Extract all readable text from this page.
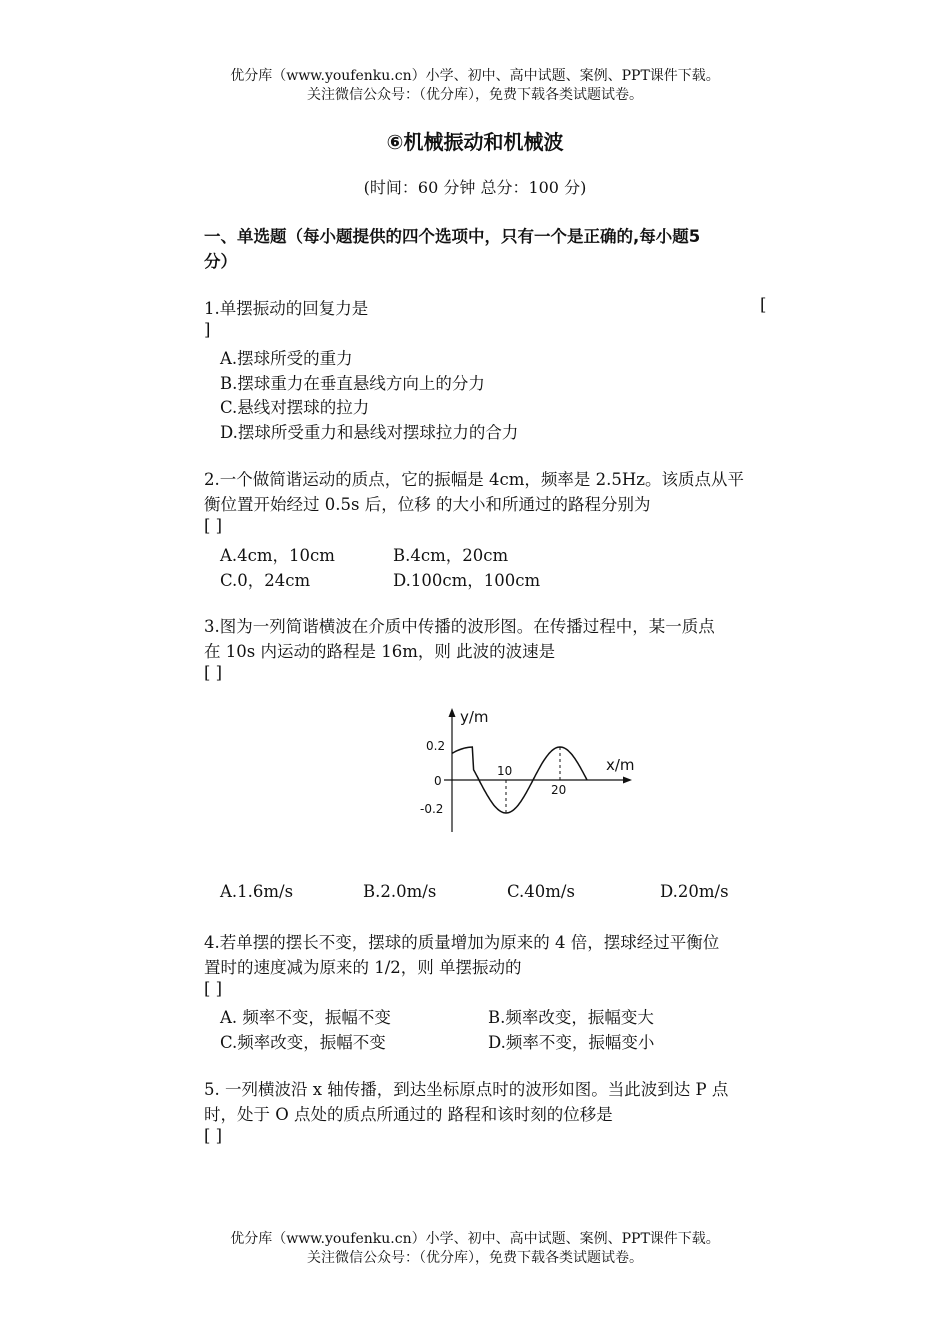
优分库（www.youfenku.cn）小学、初中、高中试题、案例、PPT课件下载。
关注微信公众号：（优分库），免费下载各类试题试卷。
⑥机械振动和机械波
(时间：60 分钟 总分：100 分)
一、单选题（每小题提供的四个选项中，只有一个是正确的,每小题5
分）
1.单摆振动的回复力是	[
]
A.摆球所受的重力
B.摆球重力在垂直悬线方向上的分力
C.悬线对摆球的拉力
D.摆球所受重力和悬线对摆球拉力的合力
2.一个做简谐运动的质点，它的振幅是 4cm，频率是 2.5Hz。该质点从平
衡位置开始经过 0.5s 后，位移 的大小和所通过的路程分别为
[ ]
A.4cm，10cm	B.4cm，20cm
C.0，24cm	D.100cm，100cm
3.图为一列简谐横波在介质中传播的波形图。在传播过程中，某一质点
在 10s 内运动的路程是 16m，则 此波的波速是
[ ]
y/m
x/m
0.2
0
-0.2
10
20
A.1.6m/s	B.2.0m/s	C.40m/s	D.20m/s
4.若单摆的摆长不变，摆球的质量增加为原来的 4 倍，摆球经过平衡位
置时的速度减为原来的 1/2，则 单摆振动的
[ ]
A. 频率不变，振幅不变	B.频率改变，振幅变大
C.频率改变，振幅不变	D.频率不变，振幅变小
5. 一列横波沿 x 轴传播，到达坐标原点时的波形如图。当此波到达 P 点
时，处于 O 点处的质点所通过的 路程和该时刻的位移是
[ ]
优分库（www.youfenku.cn）小学、初中、高中试题、案例、PPT课件下载。
关注微信公众号：（优分库），免费下载各类试题试卷。
